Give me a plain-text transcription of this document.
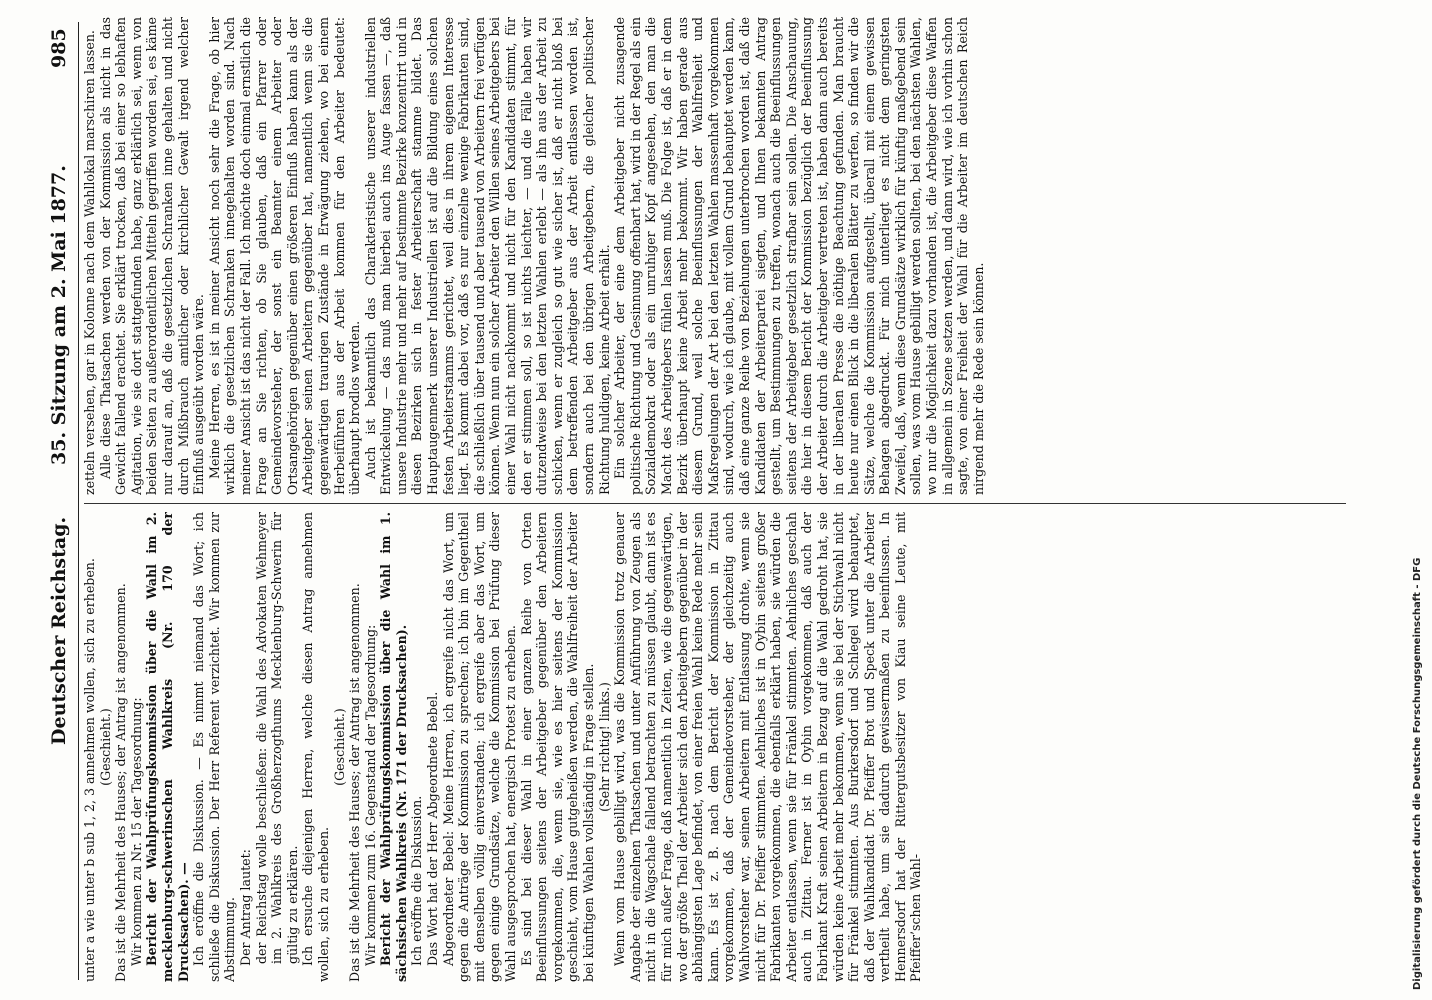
Deutscher Reichstag.
35. Sitzung am 2. Mai 1877.
985

unter a wie unter b sub 1, 2, 3 annehmen wollen, sich zu erheben. (Geschieht.) Das ist die Mehrheit des Hauses; der Antrag ist angenommen. Wir kommen zu Nr. 15 der Tagesordnung: Bericht der Wahlprüfungskommission über die Wahl im 2. mecklenburg-schwerinschen Wahlkreis (Nr. 170 der Drucksachen). — Ich eröffne die Diskussion. — Es nimmt niemand das Wort; ich schließe die Diskussion. Der Herr Referent verzichtet. Wir kommen zur Abstimmung. Der Antrag lautet: der Reichstag wolle beschließen: die Wahl des Advokaten Wehmeyer im 2. Wahlkreis des Großherzogthums Mecklenburg-Schwerin für gültig zu erklären. Ich ersuche diejenigen Herren, welche diesen Antrag annehmen wollen, sich zu erheben.

(Geschieht.) Das ist die Mehrheit des Hauses; der Antrag ist angenommen. Wir kommen zum 16. Gegenstand der Tagesordnung: Bericht der Wahlprüfungskommission über die Wahl im 1. sächsischen Wahlkreis (Nr. 171 der Drucksachen). Ich eröffne die Diskussion. Das Wort hat der Herr Abgeordnete Bebel. Abgeordneter Bebel: Meine Herren, ich ergreife nicht das Wort, um gegen die Anträge der Kommission zu sprechen; ich bin im Gegentheil mit denselben völlig einverstanden; ich ergreife aber das Wort, um gegen einige Grundsätze, welche die Kommission bei Prüfung dieser Wahl ausgesprochen hat, energisch Protest zu erheben. Es sind bei dieser Wahl in einer ganzen Reihe von Orten Beeinflussungen seitens der Arbeitgeber gegenüber den Arbeitern vorgekommen, die, wenn sie, wie es hier seitens der Kommission geschieht, vom Hause gutgeheißen werden, die Wahlfreiheit der Arbeiter bei künftigen Wahlen vollständig in Frage stellen. (Sehr richtig! links.) Wenn vom Hause gebilligt wird, was die Kommission trotz genauer Angabe der einzelnen Thatsachen und unter Anführung von Zeugen als nicht in die Wagschale fallend betrachten zu müssen glaubt, dann ist es für mich außer Frage, daß namentlich in Zeiten, wie die gegenwärtigen, wo der größte Theil der Arbeiter sich den Arbeitgebern gegenüber in der abhängigsten Lage befindet, von einer freien Wahl keine Rede mehr sein kann. Es ist z. B. nach dem Bericht der Kommission in Zittau vorgekommen, daß der Gemeindevorsteher, der gleichzeitig auch Wahlvorsteher war, seinen Arbeitern mit Entlassung drohte, wenn sie nicht für Dr. Pfeiffer stimmten. Aehnliches ist in Oybin seitens großer Fabrikanten vorgekommen, die ebenfalls erklärt haben, sie würden die Arbeiter entlassen, wenn sie für Fränkel stimmten. Aehnliches geschah auch in Zittau. Ferner ist in Oybin vorgekommen, daß auch der Fabrikant Kraft seinen Arbeitern in Bezug auf die Wahl gedroht hat, sie würden keine Arbeit mehr bekommen, wenn sie bei der Stichwahl nicht für Fränkel stimmten. Aus Burkersdorf und Schlegel wird behauptet, daß der Wahlkandidat Dr. Pfeiffer Brot und Speck unter die Arbeiter vertheilt habe, um sie dadurch gewissermaßen zu beeinflussen. In Hennersdorf hat der Rittergutsbesitzer von Kiau seine Leute, mit Pfeiffer’schen Wahl-

zetteln versehen, gar in Kolonne nach dem Wahllokal marschiren lassen. Alle diese Thatsachen werden von der Kommission als nicht in das Gewicht fallend erachtet. Sie erklärt trocken, daß bei einer so lebhaften Agitation, wie sie dort stattgefunden habe, ganz erklärlich sei, wenn von beiden Seiten zu außerordentlichen Mitteln gegriffen worden sei, es käme nur darauf an, daß die gesetzlichen Schranken inne gehalten und nicht durch Mißbrauch amtlicher oder kirchlicher Gewalt irgend welcher Einfluß ausgeübt worden wäre. Meine Herren, es ist in meiner Ansicht noch sehr die Frage, ob hier wirklich die gesetzlichen Schranken innegehalten worden sind. Nach meiner Ansicht ist das nicht der Fall. Ich möchte doch einmal ernstlich die Frage an Sie richten, ob Sie glauben, daß ein Pfarrer oder Gemeindevorsteher, der sonst ein Beamter einem Arbeiter oder Ortsangehörigen gegenüber einen größeren Einfluß haben kann als der Arbeitgeber seinen Arbeitern gegenüber hat, namentlich wenn sie die gegenwärtigen traurigen Zustände in Erwägung ziehen, wo bei einem Herbeiführen aus der Arbeit kommen für den Arbeiter bedeutet: überhaupt brodlos werden. Auch ist bekanntlich das Charakteristische unserer industriellen Entwickelung — das muß man hierbei auch ins Auge fassen —, daß unsere Industrie mehr und mehr auf bestimmte Bezirke konzentrirt und in diesen Bezirken sich in fester Arbeiterschaft stamme bildet. Das Hauptaugenmerk unserer Industriellen ist auf die Bildung eines solchen festen Arbeiterstamms gerichtet, weil dies in ihrem eigenen Interesse liegt. Es kommt dabei vor, daß es nur einzelne wenige Fabrikanten sind, die schließlich über tausend und aber tausend von Arbeitern frei verfügen können. Wenn nun ein solcher Arbeiter den Willen seines Arbeitgebers bei einer Wahl nicht nachkommt und nicht für den Kandidaten stimmt, für den er stimmen soll, so ist nichts leichter, — und die Fälle haben wir dutzendweise bei den letzten Wahlen erlebt — als ihn aus der Arbeit zu schicken, wenn er zugleich so gut wie sicher ist, daß er nicht bloß bei dem betreffenden Arbeitgeber aus der Arbeit entlassen worden ist, sondern auch bei den übrigen Arbeitgebern, die gleicher politischer Richtung huldigen, keine Arbeit erhält. Ein solcher Arbeiter, der eine dem Arbeitgeber nicht zusagende politische Richtung und Gesinnung offenbart hat, wird in der Regel als ein Sozialdemokrat oder als ein unruhiger Kopf angesehen, den man die Macht des Arbeitgebers fühlen lassen muß. Die Folge ist, daß er in dem Bezirk überhaupt keine Arbeit mehr bekommt. Wir haben gerade aus diesem Grund, weil solche Beeinflussungen der Wahlfreiheit und Maßregelungen der Art bei den letzten Wahlen massenhaft vorgekommen sind, wodurch, wie ich glaube, mit vollem Grund behauptet werden kann, daß eine ganze Reihe von Beziehungen unterbrochen worden ist, daß die Kandidaten der Arbeiterpartei siegten, und Ihnen bekannten Antrag gestellt, um Bestimmungen zu treffen, wonach auch die Beeinflussungen seitens der Arbeitgeber gesetzlich strafbar sein sollen. Die Anschauung, die hier in diesem Bericht der Kommission bezüglich der Beeinflussung der Arbeiter durch die Arbeitgeber vertreten ist, haben dann auch bereits in der liberalen Presse die nöthige Beachtung gefunden. Man braucht heute nur einen Blick in die liberalen Blätter zu werfen, so finden wir die Sätze, welche die Kommission aufgestellt, überall mit einem gewissen Behagen abgedruckt. Für mich unterliegt es nicht dem geringsten Zweifel, daß, wenn diese Grundsätze wirklich für künftig maßgebend sein sollen, was vom Hause gebilligt werden sollten, bei den nächsten Wahlen, wo nur die Möglichkeit dazu vorhanden ist, die Arbeitgeber diese Waffen in allgemein in Szene setzen werden, und dann wird, wie ich vorhin schon sagte, von einer Freiheit der Wahl für die Arbeiter im deutschen Reich nirgend mehr die Rede sein können.

Digitalisierung gefördert durch die Deutsche Forschungsgemeinschaft - DFG
